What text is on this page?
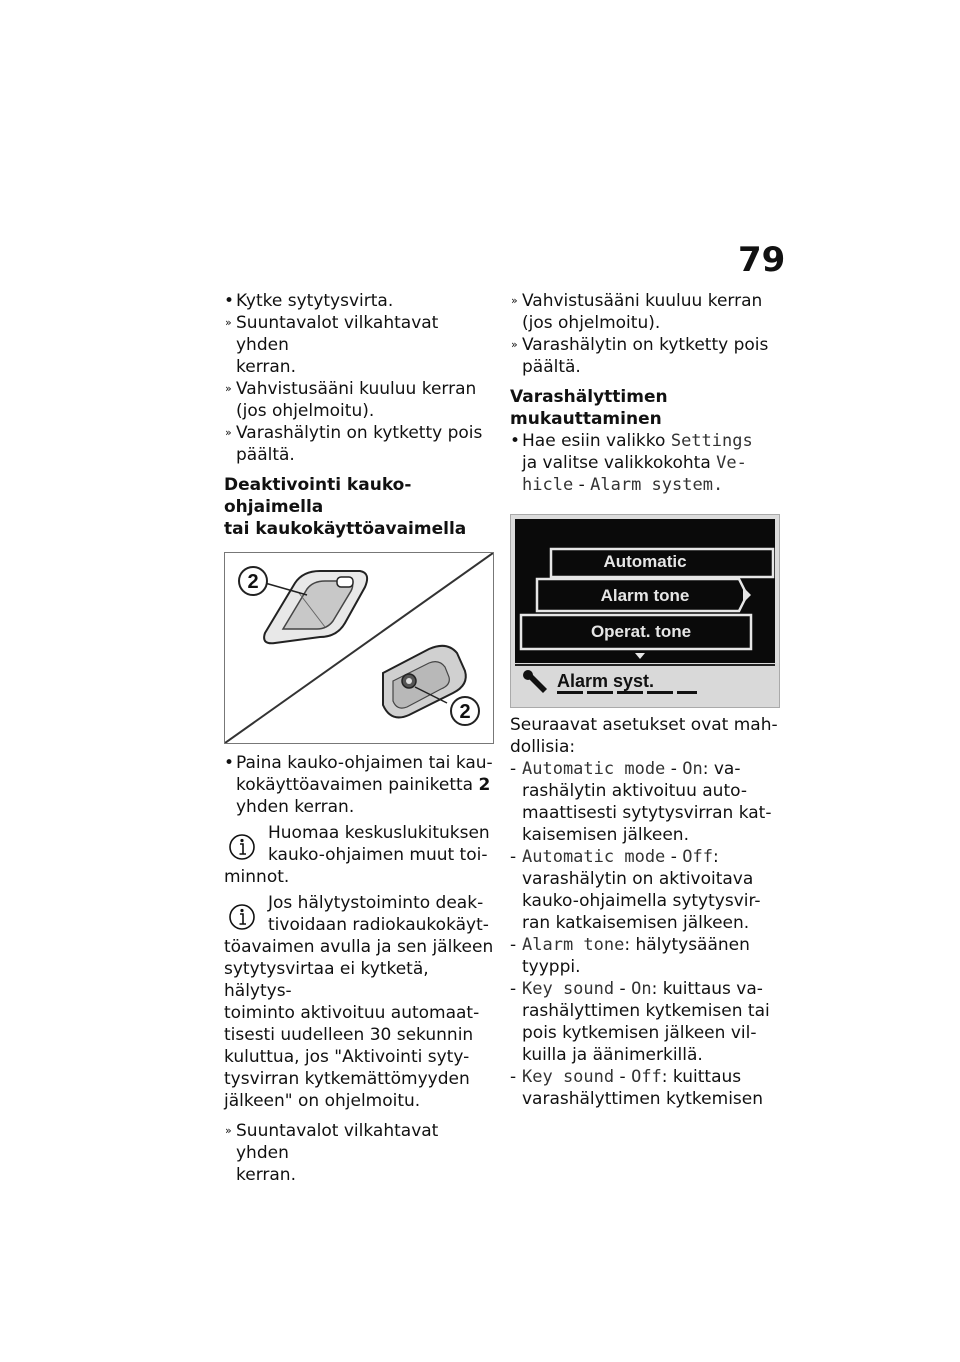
79
• Kytke sytytysvirta.
» Suuntavalot vilkahtavat yhden
kerran.
» Vahvistusääni kuuluu kerran
(jos ohjelmoitu).
» Varashälytin on kytketty pois
päältä.
Deaktivointi kauko-ohjaimella
tai kaukokäyttöavaimella
2
2
• Paina kauko-ohjaimen tai kau-
kokäyttöavaimen painiketta 2
yhden kerran.
Huomaa keskuslukituksen
kauko-ohjaimen muut toi-
minnot.
Jos hälytystoiminto deak-
tivoidaan radiokaukokäyt-
töavaimen avulla ja sen jälkeen
sytytysvirtaa ei kytketä, hälytys-
toiminto aktivoituu automaat-
tisesti uudelleen 30 sekunnin
kuluttua, jos "Aktivointi syty-
tysvirran kytkemättömyyden
jälkeen" on ohjelmoitu.
» Suuntavalot vilkahtavat yhden
kerran.
» Vahvistusääni kuuluu kerran
(jos ohjelmoitu).
» Varashälytin on kytketty pois
päältä.
Varashälyttimen
mukauttaminen
• Hae esiin valikko Settings
ja valitse valikkokohta Ve-
hicle - Alarm system.
Automatic
Alarm tone
Operat. tone
Alarm syst.
Seuraavat asetukset ovat mah-
dollisia:
- Automatic mode - On: va-
rashälytin aktivoituu auto-
maattisesti sytytysvirran kat-
kaisemisen jälkeen.
- Automatic mode - Off:
varashälytin on aktivoitava
kauko-ohjaimella sytytysvir-
ran katkaisemisen jälkeen.
- Alarm tone: hälytysäänen
tyyppi.
- Key sound - On: kuittaus va-
rashälyttimen kytkemisen tai
pois kytkemisen jälkeen vil-
kuilla ja äänimerkillä.
- Key sound - Off: kuittaus
varashälyttimen kytkemisen
